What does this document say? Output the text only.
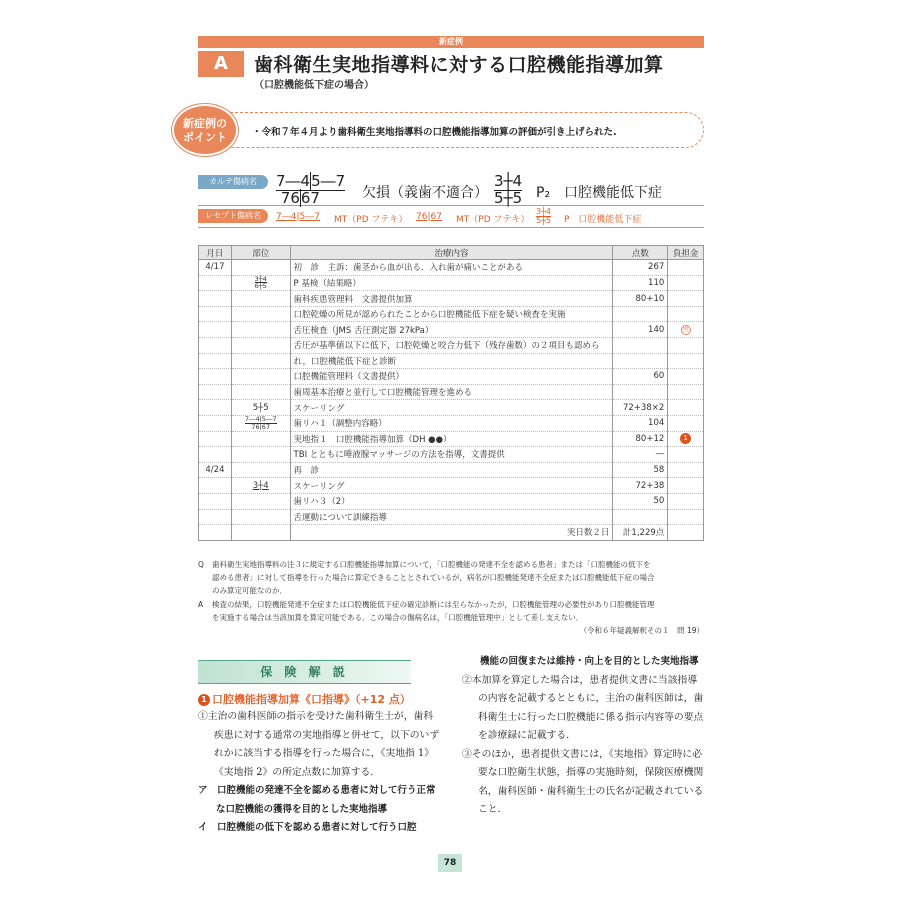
新症例
A	歯科衛生実地指導料に対する口腔機能指導加算
（口腔機能低下症の場合）
新症例の
ポイント	・令和７年４月より歯科衛生実地指導料の口腔機能指導加算の評価が引き上げられた.
カルテ傷病名
レセプト傷病名
7―45―7
7667	欠損（義歯不適合）
3┼4
5┼5 P₂　口腔機能低下症
7―4|5―7 MT（PD フテキ） 76|67 MT（PD フテキ）
3┼4
5┼5 P　口腔機能低下症
月日	部位	治療内容	点数	負担金
4/17		初　診　主訴：歯茎から血が出る．入れ歯が痛いことがある	267	

	$\frac{3┼4}{6┼5}$	P 基検（結果略）	110	
		歯科疾患管理料　文書提供加算	80+10	
		口腔乾燥の所見が認められたことから口腔機能低下症を疑い検査を実施		
		舌圧検査（JMS 舌圧測定器 27kPa）	140	他
		舌圧が基準値以下に低下，口腔乾燥と咬合力低下（残存歯数）の２項目も認めら		
		れ，口腔機能低下症と診断		
		口腔機能管理料（文書提供）	60	
		歯周基本治療と並行して口腔機能管理を進める		
	5┼5	スケーリング	72+38×2	

	$\frac{7―4|5―7}{76|67}$	歯リハ１（調整内容略）	104	
		実地指１　口腔機能指導加算（DH ●●）	80+12	1
		TBI とともに唾液腺マッサージの方法を指導，文書提供	―	
4/24		再　診	58	
	3┼4	スケーリング	72+38	
		歯リハ３（2）	50	
		舌運動について訓練指導		
		実日数２日	計1,229点	
Q 歯科衛生実地指導料の注３に規定する口腔機能指導加算について，「口腔機能の発達不全を認める患者」または「口腔機能の低下を
認める患者」に対して指導を行った場合に算定できることとされているが，病名が口腔機能発達不全症または口腔機能低下症の場合
のみ算定可能なのか．
A 検査の結果，口腔機能発達不全症または口腔機能低下症の確定診断には至らなかったが，口腔機能管理の必要性があり口腔機能管理
を実施する場合は当該加算を算定可能である．この場合の傷病名は，「口腔機能管理中」として差し支えない．
（令和６年疑義解釈その１　問 19）
保 険 解 説
1 口腔機能指導加算《口指導》（+12 点）
①主治の歯科医師の指示を受けた歯科衛生士が，歯科疾患に対する通常の実地指導と併せて，以下のいずれかに該当する指導を行った場合に，《実地指 1》《実地指 2》の所定点数に加算する．
ア　口腔機能の発達不全を認める患者に対して行う正常な口腔機能の獲得を目的とした実地指導
イ　口腔機能の低下を認める患者に対して行う口腔
機能の回復または維持・向上を目的とした実地指導
②本加算を算定した場合は，患者提供文書に当該指導の内容を記載するとともに，主治の歯科医師は，歯科衛生士に行った口腔機能に係る指示内容等の要点を診療録に記載する．
③そのほか，患者提供文書には，《実地指》算定時に必要な口腔衛生状態，指導の実施時刻，保険医療機関名，歯科医師・歯科衛生士の氏名が記載されていること．
78
